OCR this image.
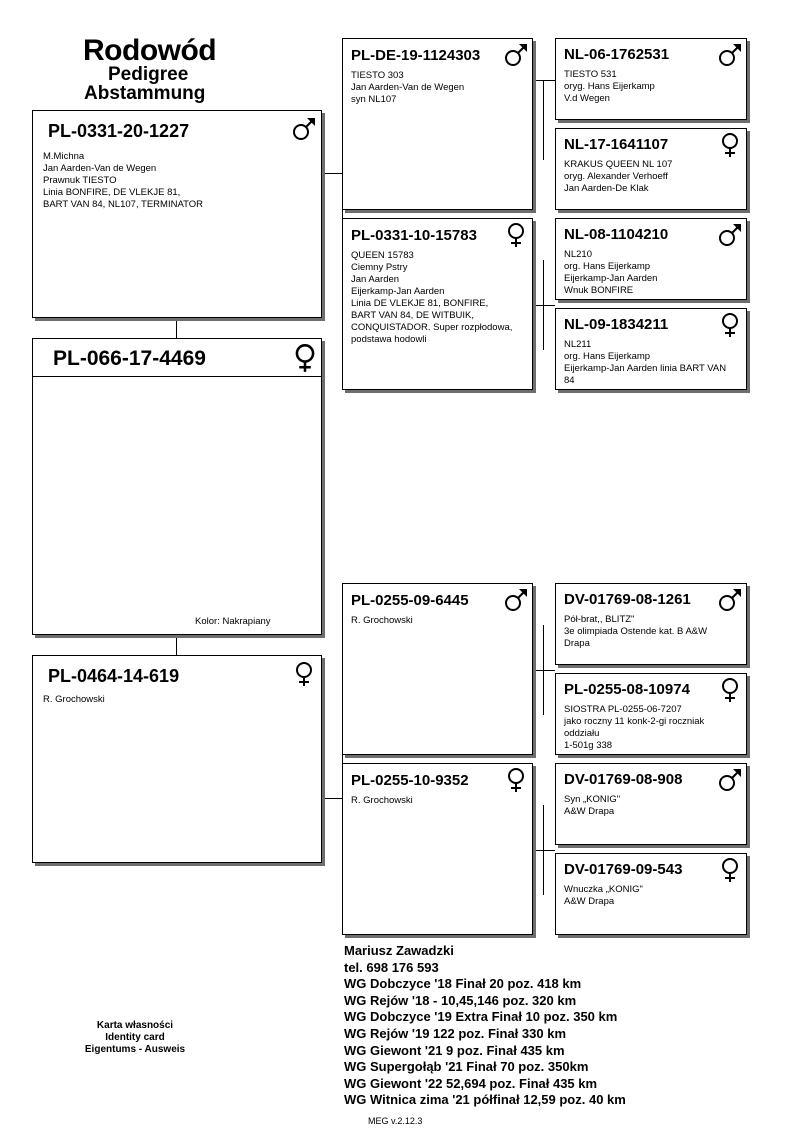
Rodowód
Pedigree
Abstammung
PL-0331-20-1227
M.Michna
Jan Aarden-Van de Wegen
Prawnuk TIESTO
Linia BONFIRE, DE VLEKJE 81,
BART VAN 84, NL107, TERMINATOR
PL-066-17-4469
Kolor: Nakrapiany
PL-0464-14-619
R. Grochowski
PL-DE-19-1124303
TIESTO 303
Jan Aarden-Van de Wegen
syn NL107
PL-0331-10-15783
QUEEN 15783
Ciemny Pstry
Jan Aarden
Eijerkamp-Jan Aarden
Linia DE VLEKJE 81, BONFIRE,
BART VAN 84, DE WITBUIK,
CONQUISTADOR. Super rozpłodowa,
podstawa hodowli
PL-0255-09-6445
R. Grochowski
PL-0255-10-9352
R. Grochowski
NL-06-1762531
TIESTO 531
oryg. Hans Eijerkamp
V.d Wegen
NL-17-1641107
KRAKUS QUEEN NL 107
oryg. Alexander Verhoeff
Jan Aarden-De Klak
NL-08-1104210
NL210
org. Hans Eijerkamp
Eijerkamp-Jan Aarden
Wnuk BONFIRE
NL-09-1834211
NL211
org. Hans Eijerkamp
Eijerkamp-Jan Aarden linia BART VAN
84
DV-01769-08-1261
Pół-brat,, BLITZ"
3e olimpiada Ostende kat. B A&W
Drapa
PL-0255-08-10974
SIOSTRA PL-0255-06-7207
jako roczny 11 konk-2-gi roczniak
oddziału
1-501g 338
DV-01769-08-908
Syn „KONIG"
A&W Drapa
DV-01769-09-543
Wnuczka „KONIG"
A&W Drapa
Mariusz Zawadzki
tel. 698 176 593
WG Dobczyce '18 Finał 20 poz. 418 km
WG Rejów '18 - 10,45,146 poz. 320 km
WG Dobczyce '19 Extra Finał 10 poz. 350 km
WG Rejów '19 122 poz. Finał 330 km
WG Giewont '21 9 poz. Finał 435 km
WG Supergołąb '21 Finał 70 poz. 350km
WG Giewont '22 52,694 poz. Finał 435 km
WG Witnica zima '21 półfinał 12,59 poz. 40 km
Karta własności
Identity card
Eigentums - Ausweis
MEG v.2.12.3
